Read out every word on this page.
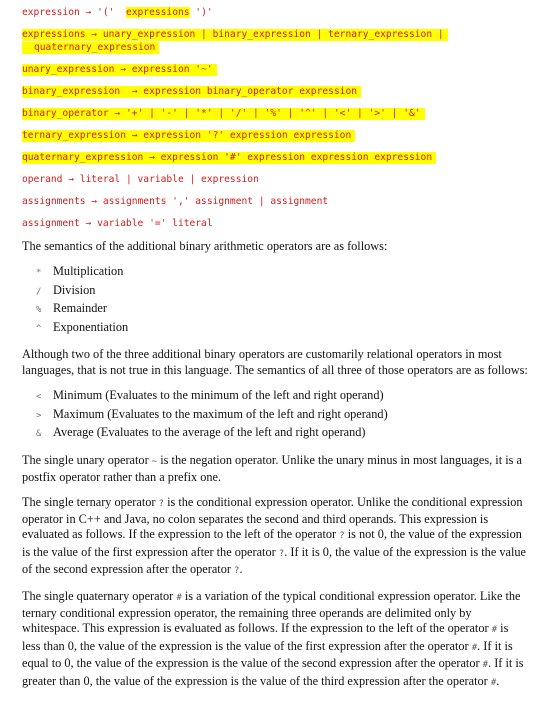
expression → '('  expressions ')'
expressions → unary_expression | binary_expression | ternary_expression |
quaternary_expression
unary_expression → expression '~'
binary_expression  → expression binary_operator expression
binary_operator → '+' | '-' | '*' | '/' | '%' | '^' | '<' | '>' | '&'
ternary_expression → expression '?' expression expression
quaternary_expression → expression '#' expression expression expression
operand → literal | variable | expression
assignments → assignments ',' assignment | assignment
assignment → variable '=' literal

The semantics of the additional binary arithmetic operators are as follows:

* Multiplication
/ Division
% Remainder
^ Exponentiation

Although two of the three additional binary operators are customarily relational operators in most languages, that is not true in this language. The semantics of all three of those operators are as follows:

< Minimum (Evaluates to the minimum of the left and right operand)
> Maximum (Evaluates to the maximum of the left and right operand)
& Average (Evaluates to the average of the left and right operand)

The single unary operator ~ is the negation operator. Unlike the unary minus in most languages, it is a postfix operator rather than a prefix one.

The single ternary operator ? is the conditional expression operator. Unlike the conditional expression operator in C++ and Java, no colon separates the second and third operands. This expression is evaluated as follows. If the expression to the left of the operator ? is not 0, the value of the expression is the value of the first expression after the operator ?. If it is 0, the value of the expression is the value of the second expression after the operator ?.

The single quaternary operator # is a variation of the typical conditional expression operator. Like the ternary conditional expression operator, the remaining three operands are delimited only by whitespace. This expression is evaluated as follows. If the expression to the left of the operator # is less than 0, the value of the expression is the value of the first expression after the operator #. If it is equal to 0, the value of the expression is the value of the second expression after the operator #. If it is greater than 0, the value of the expression is the value of the third expression after the operator #.
